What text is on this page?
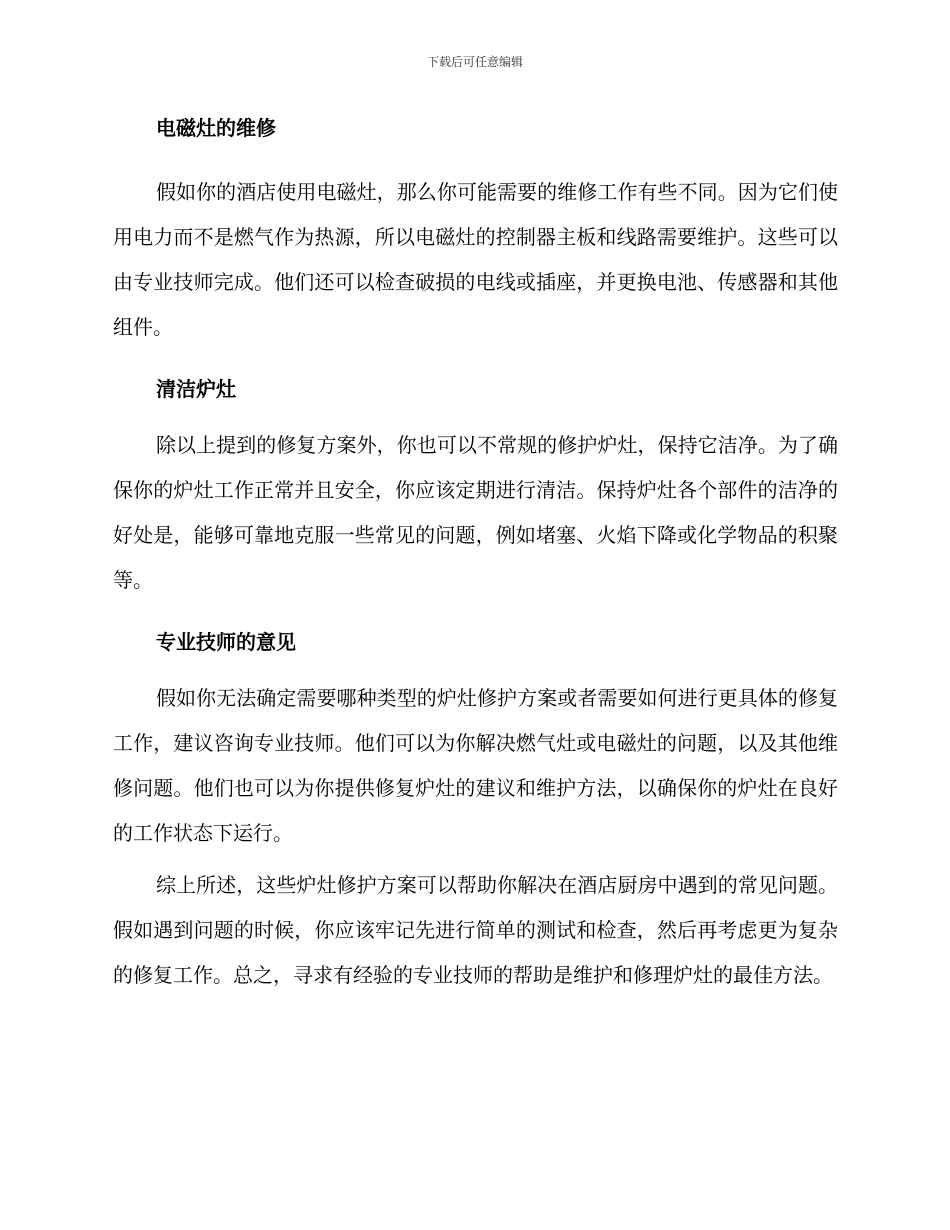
下载后可任意编辑
电磁灶的维修

假如你的酒店使用电磁灶，那么你可能需要的维修工作有些不同。因为它们使用电力而不是燃气作为热源，所以电磁灶的控制器主板和线路需要维护。这些可以由专业技师完成。他们还可以检查破损的电线或插座，并更换电池、传感器和其他组件。

清洁炉灶

除以上提到的修复方案外，你也可以不常规的修护炉灶，保持它洁净。为了确保你的炉灶工作正常并且安全，你应该定期进行清洁。保持炉灶各个部件的洁净的好处是，能够可靠地克服一些常见的问题，例如堵塞、火焰下降或化学物品的积聚等。

专业技师的意见

假如你无法确定需要哪种类型的炉灶修护方案或者需要如何进行更具体的修复工作，建议咨询专业技师。他们可以为你解决燃气灶或电磁灶的问题，以及其他维修问题。他们也可以为你提供修复炉灶的建议和维护方法，以确保你的炉灶在良好的工作状态下运行。

综上所述，这些炉灶修护方案可以帮助你解决在酒店厨房中遇到的常见问题。假如遇到问题的时候，你应该牢记先进行简单的测试和检查，然后再考虑更为复杂的修复工作。总之，寻求有经验的专业技师的帮助是维护和修理炉灶的最佳方法。
